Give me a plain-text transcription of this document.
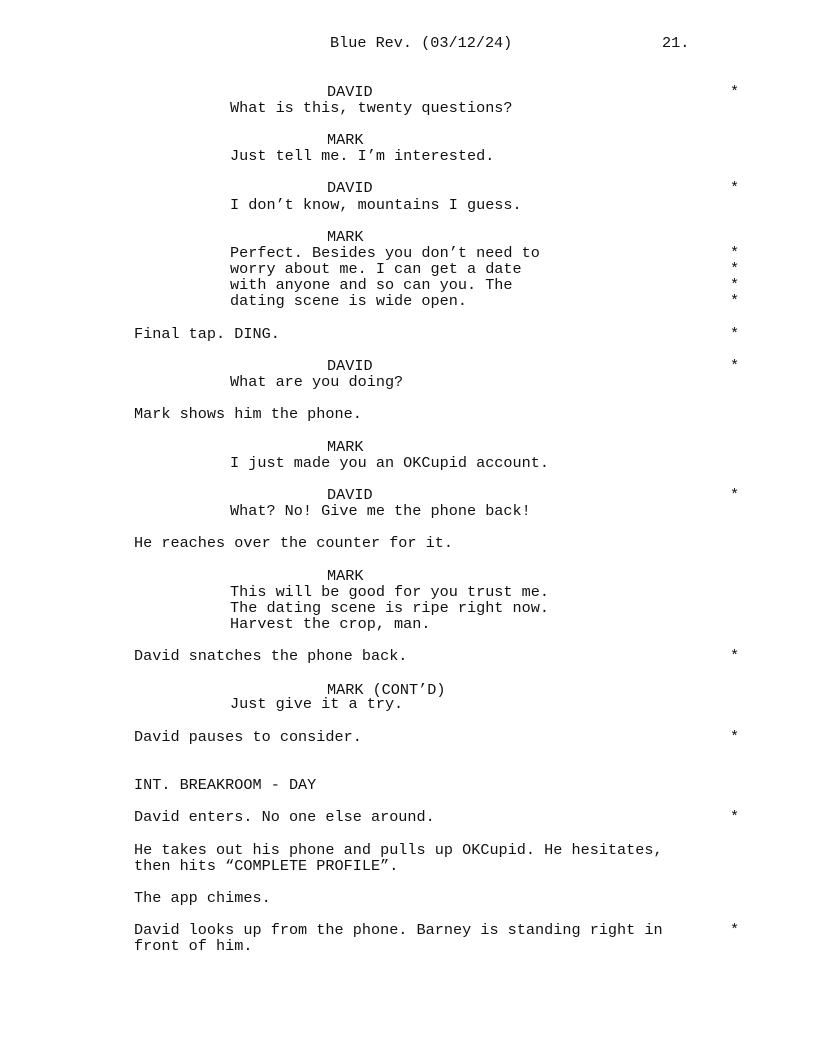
Blue Rev. (03/12/24)	21.
DAVID	*
What is this, twenty questions?
MARK
Just tell me. I’m interested.
DAVID	*
I don’t know, mountains I guess.
MARK
Perfect. Besides you don’t need to	*
worry about me. I can get a date	*
with anyone and so can you. The	*
dating scene is wide open.	*
Final tap. DING.	*
DAVID	*
What are you doing?
Mark shows him the phone.
MARK
I just made you an OKCupid account.
DAVID	*
What? No! Give me the phone back!
He reaches over the counter for it.
MARK
This will be good for you trust me.
The dating scene is ripe right now.
Harvest the crop, man.
David snatches the phone back.	*
MARK (CONT’D)
Just give it a try.
David pauses to consider.	*
INT. BREAKROOM - DAY
David enters. No one else around.	*
He takes out his phone and pulls up OKCupid. He hesitates,
then hits “COMPLETE PROFILE”.
The app chimes.
David looks up from the phone. Barney is standing right in	*
front of him.
